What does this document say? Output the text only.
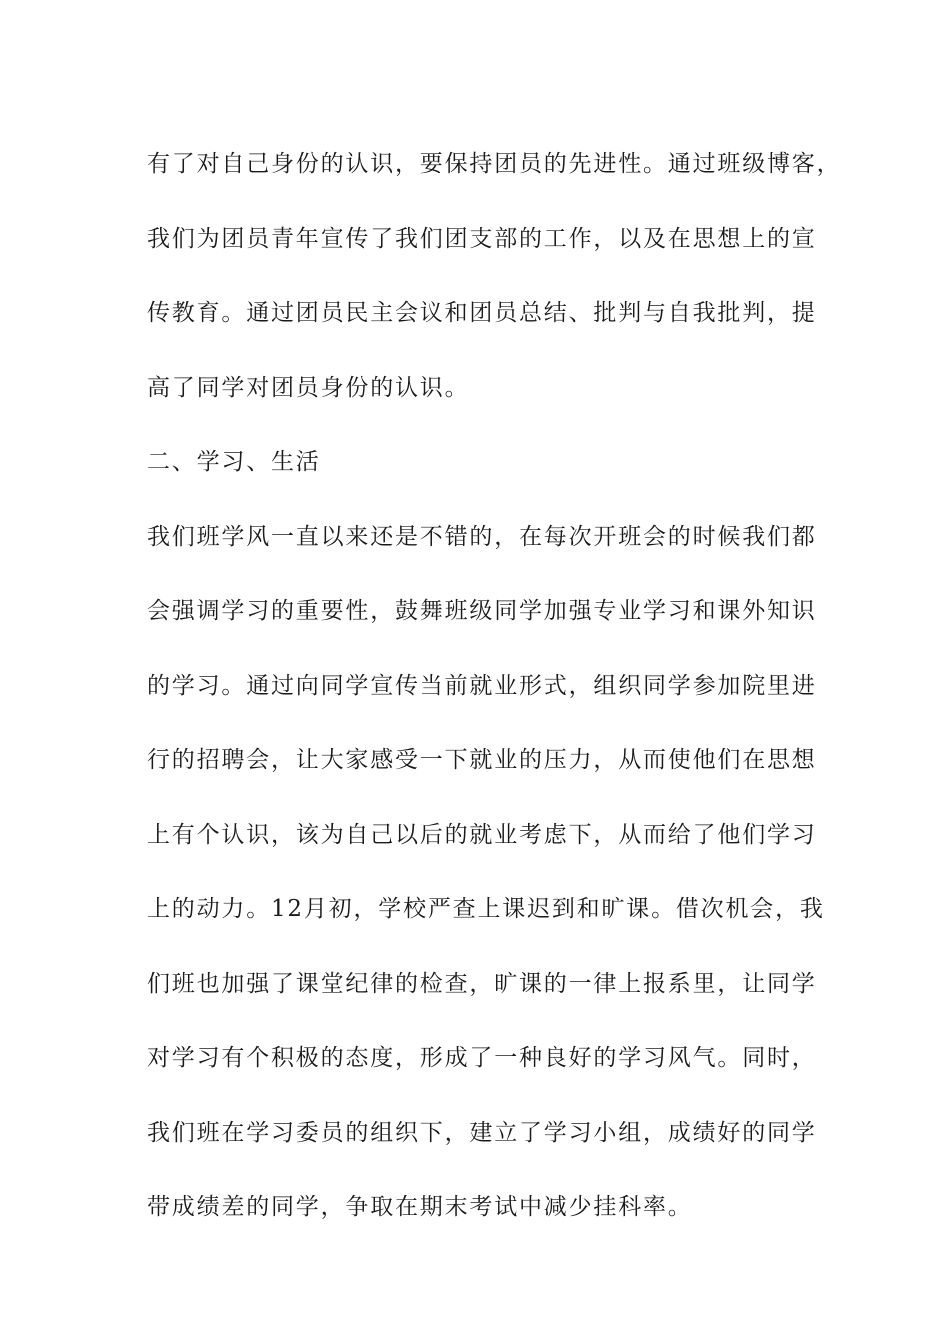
有了对自己身份的认识，要保持团员的先进性。通过班级博客，
我们为团员青年宣传了我们团支部的工作，以及在思想上的宣
传教育。通过团员民主会议和团员总结、批判与自我批判，提
高了同学对团员身份的认识。
二、学习、生活
我们班学风一直以来还是不错的，在每次开班会的时候我们都
会强调学习的重要性，鼓舞班级同学加强专业学习和课外知识
的学习。通过向同学宣传当前就业形式，组织同学参加院里进
行的招聘会，让大家感受一下就业的压力，从而使他们在思想
上有个认识，该为自己以后的就业考虑下，从而给了他们学习
上的动力。12月初，学校严查上课迟到和旷课。借次机会，我
们班也加强了课堂纪律的检查，旷课的一律上报系里，让同学
对学习有个积极的态度，形成了一种良好的学习风气。同时，
我们班在学习委员的组织下，建立了学习小组，成绩好的同学
带成绩差的同学，争取在期末考试中减少挂科率。
